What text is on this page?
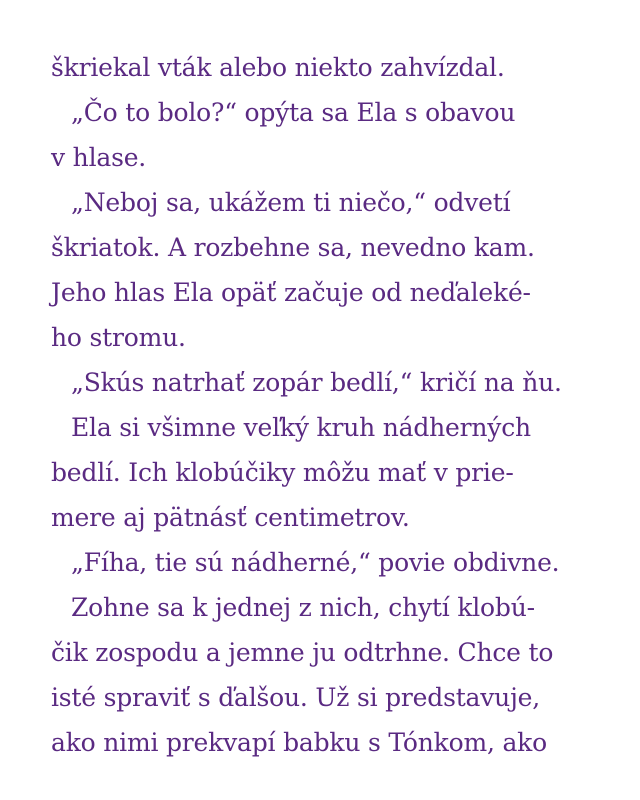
škriekal vták alebo niekto zahvízdal.
„Čo to bolo?“ opýta sa Ela s obavou
v hlase.
„Neboj sa, ukážem ti niečo,“ odvetí
škriatok. A rozbehne sa, nevedno kam.
Jeho hlas Ela opäť začuje od neďaleké-
ho stromu.
„Skús natrhať zopár bedlí,“ kričí na ňu.
Ela si všimne veľký kruh nádherných
bedlí. Ich klobúčiky môžu mať v prie-
mere aj pätnásť centimetrov.
„Fíha, tie sú nádherné,“ povie obdivne.
Zohne sa k jednej z nich, chytí klobú-
čik zospodu a jemne ju odtrhne. Chce to
isté spraviť s ďalšou. Už si predstavuje,
ako nimi prekvapí babku s Tónkom, ako
